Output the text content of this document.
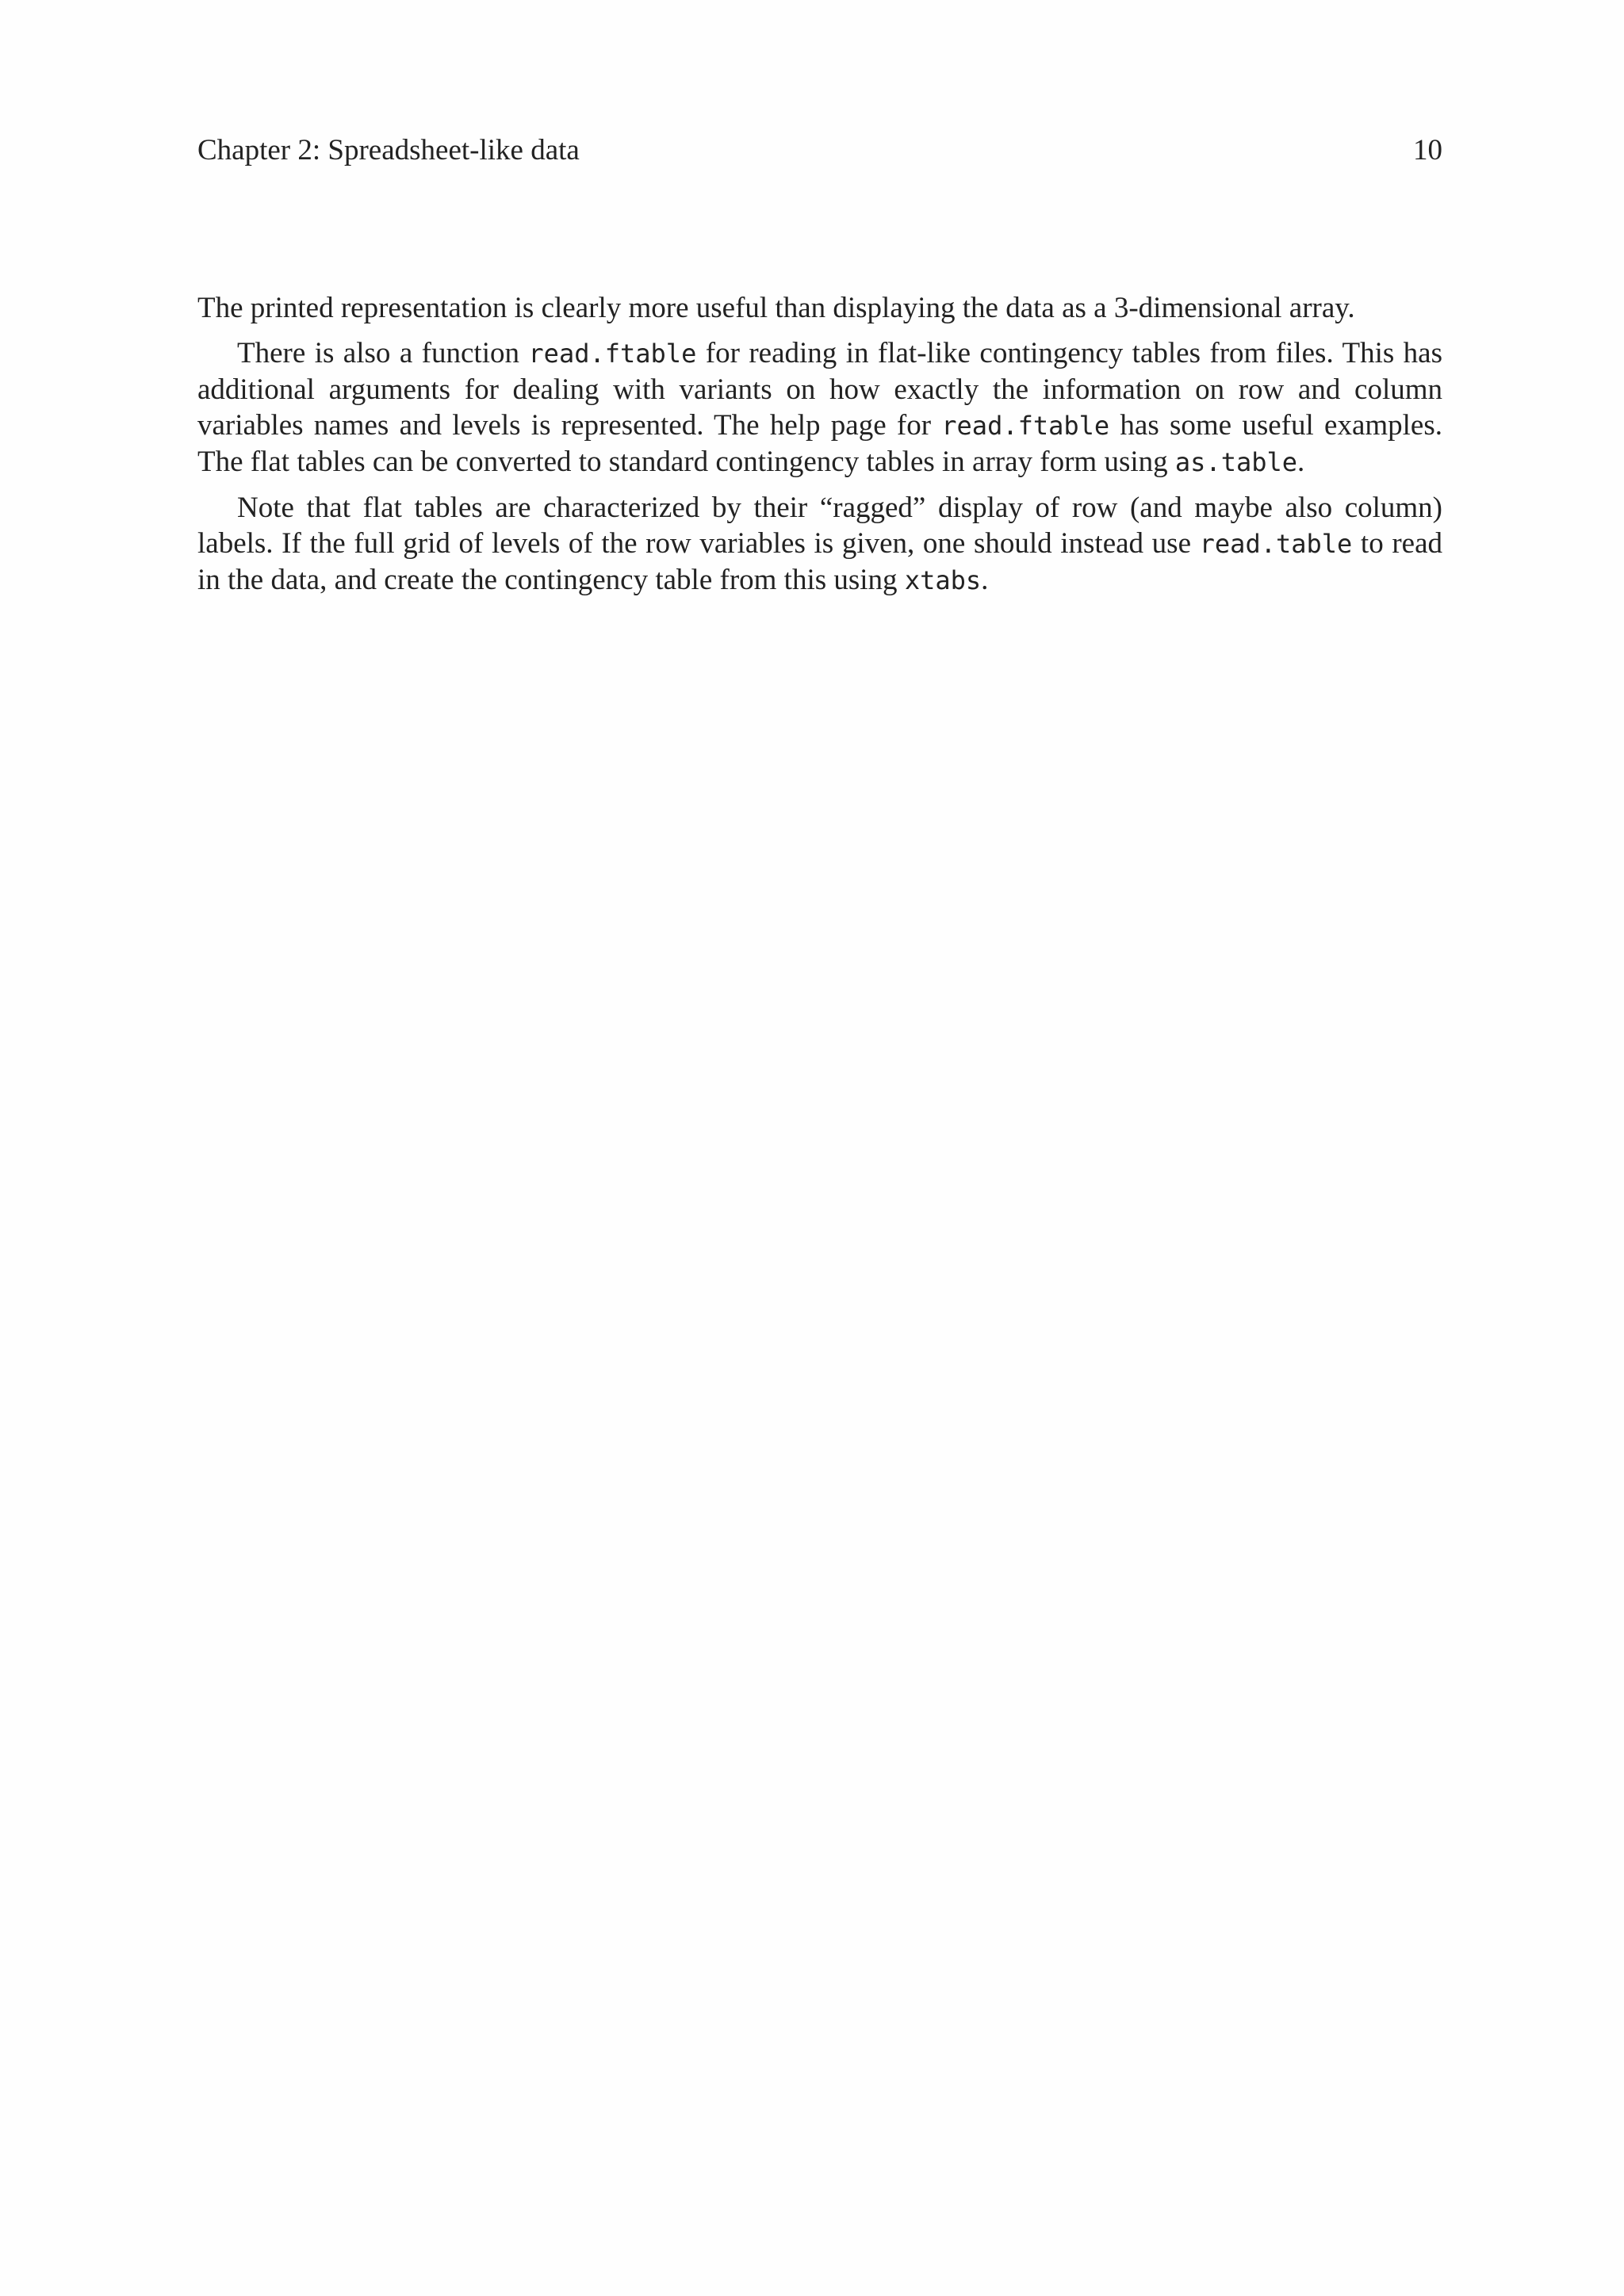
Chapter 2: Spreadsheet-like data	10

The printed representation is clearly more useful than displaying the data as a 3-dimensional array.

There is also a function read.ftable for reading in flat-like contingency tables from files. This has additional arguments for dealing with variants on how exactly the information on row and column variables names and levels is represented. The help page for read.ftable has some useful examples. The flat tables can be converted to standard contingency tables in array form using as.table.

Note that flat tables are characterized by their “ragged” display of row (and maybe also column) labels. If the full grid of levels of the row variables is given, one should instead use read.table to read in the data, and create the contingency table from this using xtabs.
